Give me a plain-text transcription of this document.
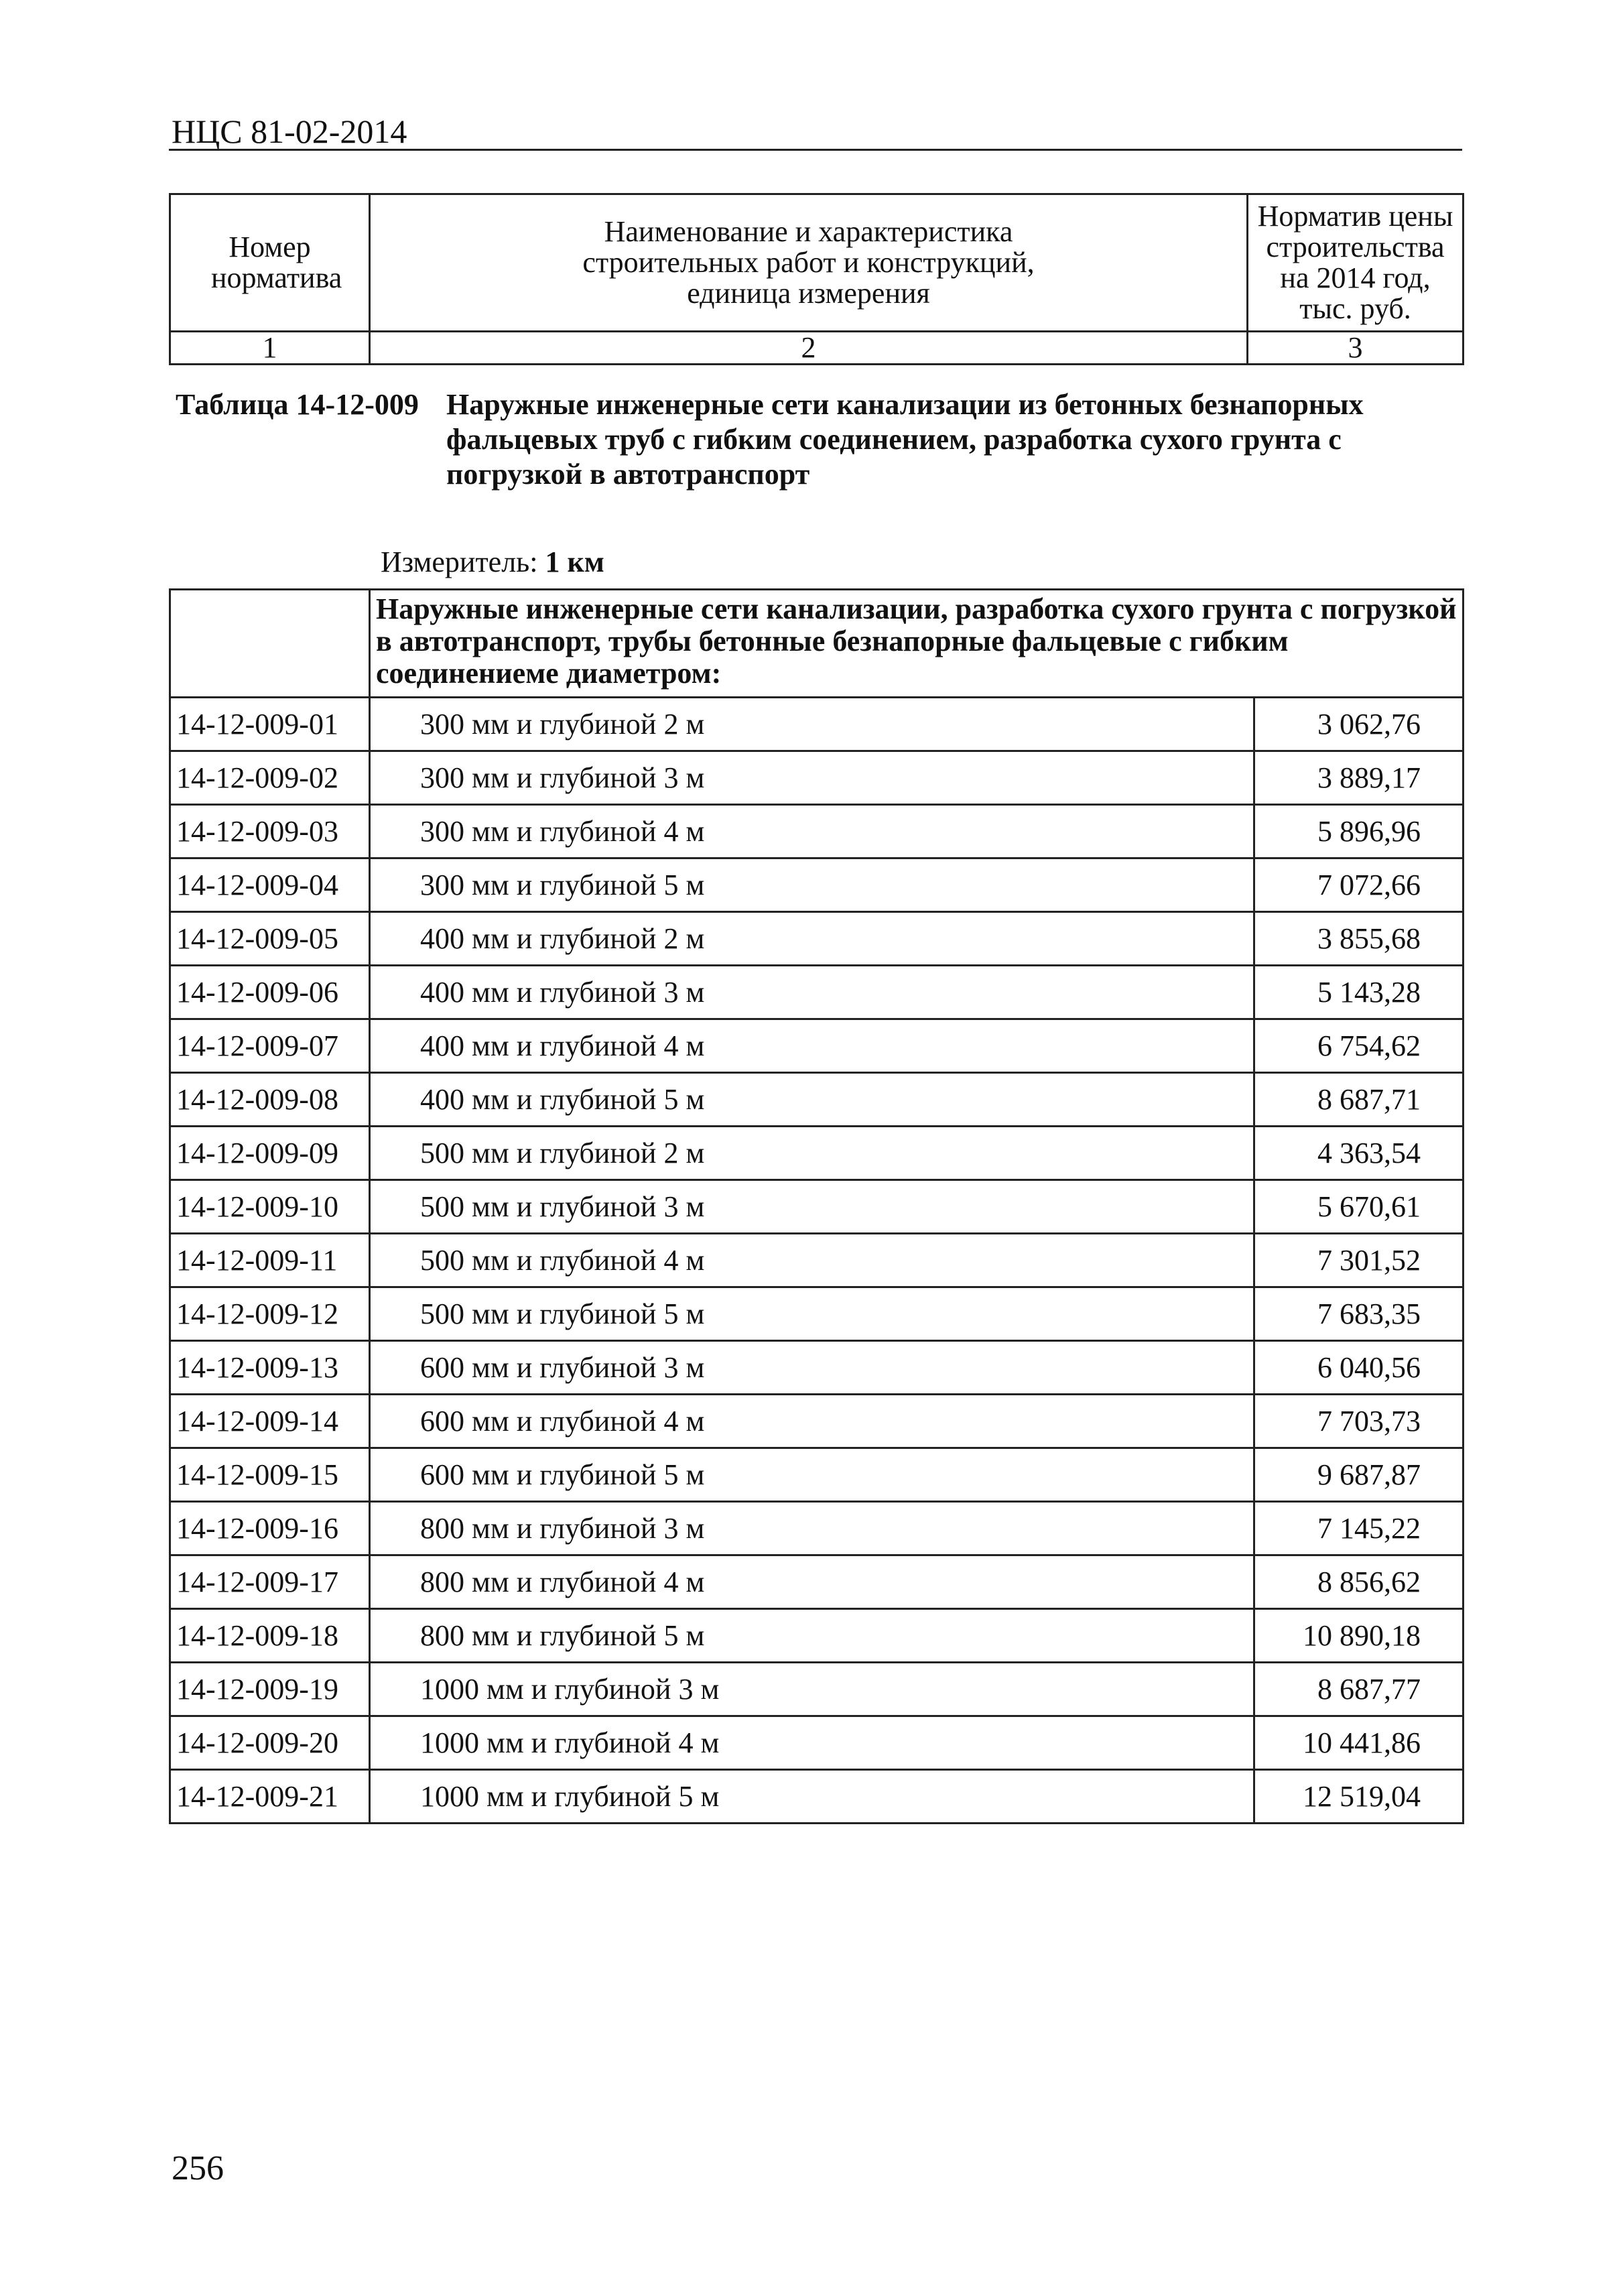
НЦС 81-02-2014
Номер норматива	Наименование и характеристика строительных работ и конструкций, единица измерения	Норматив цены строительства на 2014 год, тыс. руб.

1	2	3
Таблица 14-12-009 Наружные инженерные сети канализации из бетонных безнапорных фальцевых труб с гибким соединением, разработка сухого грунта с погрузкой в автотранспорт
Измеритель: 1 км
	Наружные инженерные сети канализации, разработка сухого грунта с погрузкой в автотранспорт, трубы бетонные безнапорные фальцевые с гибким соединениеме диаметром:	
14-12-009-01	300 мм и глубиной 2 м	3 062,76
14-12-009-02	300 мм и глубиной 3 м	3 889,17
14-12-009-03	300 мм и глубиной 4 м	5 896,96
14-12-009-04	300 мм и глубиной 5 м	7 072,66
14-12-009-05	400 мм и глубиной 2 м	3 855,68
14-12-009-06	400 мм и глубиной 3 м	5 143,28
14-12-009-07	400 мм и глубиной 4 м	6 754,62
14-12-009-08	400 мм и глубиной 5 м	8 687,71
14-12-009-09	500 мм и глубиной 2 м	4 363,54
14-12-009-10	500 мм и глубиной 3 м	5 670,61
14-12-009-11	500 мм и глубиной 4 м	7 301,52
14-12-009-12	500 мм и глубиной 5 м	7 683,35
14-12-009-13	600 мм и глубиной 3 м	6 040,56
14-12-009-14	600 мм и глубиной 4 м	7 703,73
14-12-009-15	600 мм и глубиной 5 м	9 687,87
14-12-009-16	800 мм и глубиной 3 м	7 145,22
14-12-009-17	800 мм и глубиной 4 м	8 856,62
14-12-009-18	800 мм и глубиной 5 м	10 890,18
14-12-009-19	1000 мм и глубиной 3 м	8 687,77
14-12-009-20	1000 мм и глубиной 4 м	10 441,86
14-12-009-21	1000 мм и глубиной 5 м	12 519,04
256
